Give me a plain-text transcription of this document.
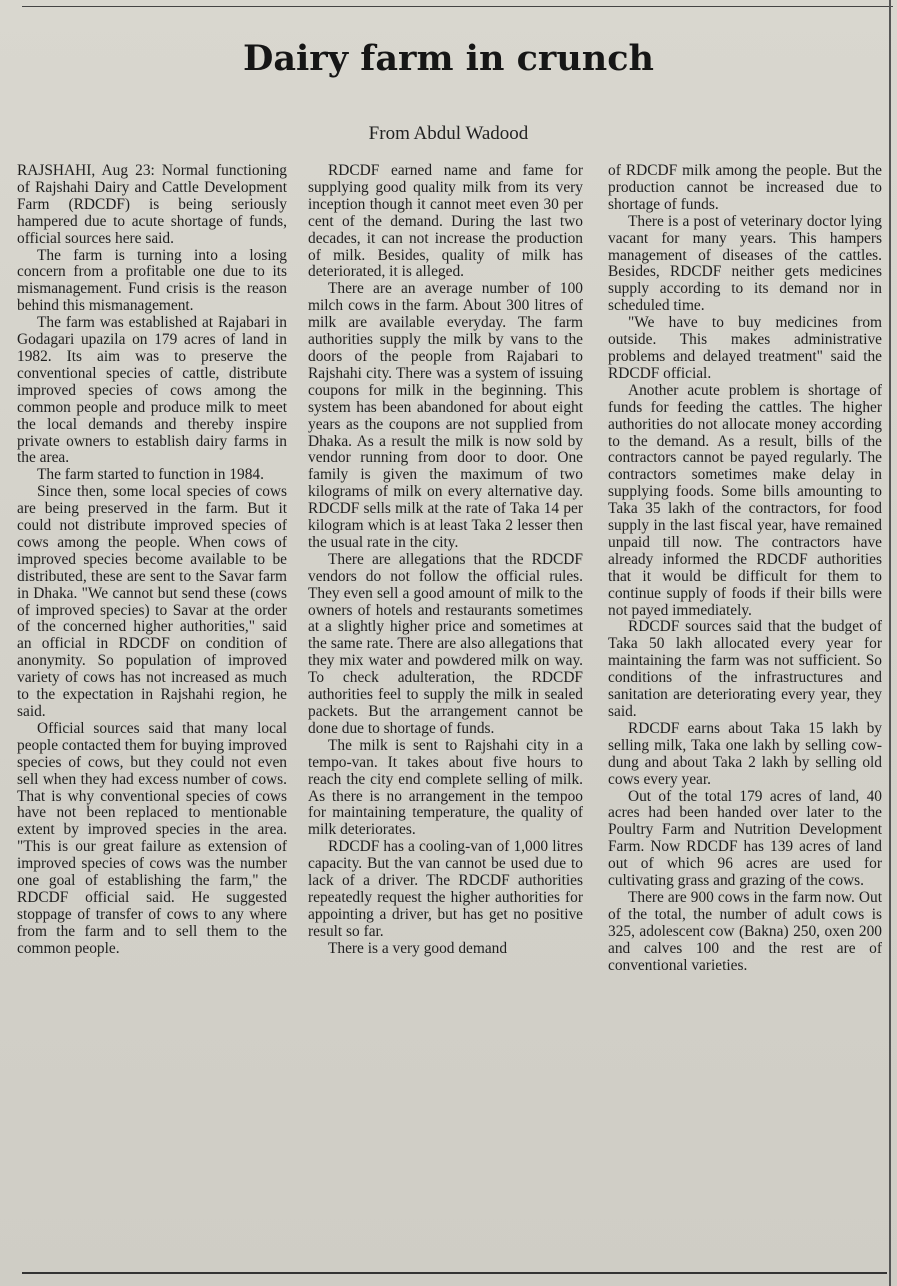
Dairy farm in crunch
From Abdul Wadood

RAJSHAHI, Aug 23: Normal functioning of Rajshahi Dairy and Cattle Development Farm (RDCDF) is being seriously hampered due to acute shortage of funds, official sources here said.

The farm is turning into a losing concern from a profitable one due to its mismanagement. Fund crisis is the reason behind this mismanagement.

The farm was established at Rajabari in Godagari upazila on 179 acres of land in 1982. Its aim was to preserve the conventional species of cattle, distribute improved species of cows among the common people and produce milk to meet the local demands and thereby inspire private owners to establish dairy farms in the area.

The farm started to function in 1984.

Since then, some local species of cows are being preserved in the farm. But it could not distribute improved species of cows among the people. When cows of improved species become available to be distributed, these are sent to the Savar farm in Dhaka. "We cannot but send these (cows of improved species) to Savar at the order of the concerned higher authorities," said an official in RDCDF on condition of anonymity. So population of improved variety of cows has not increased as much to the expectation in Rajshahi region, he said.

Official sources said that many local people contacted them for buying improved species of cows, but they could not even sell when they had excess number of cows. That is why conventional species of cows have not been replaced to mentionable extent by improved species in the area. "This is our great failure as extension of improved species of cows was the number one goal of establishing the farm," the RDCDF official said. He suggested stoppage of transfer of cows to any where from the farm and to sell them to the common people.

RDCDF earned name and fame for supplying good quality milk from its very inception though it cannot meet even 30 per cent of the demand. During the last two decades, it can not increase the production of milk. Besides, quality of milk has deteriorated, it is alleged.

There are an average number of 100 milch cows in the farm. About 300 litres of milk are available everyday. The farm authorities supply the milk by vans to the doors of the people from Rajabari to Rajshahi city. There was a system of issuing coupons for milk in the beginning. This system has been abandoned for about eight years as the coupons are not supplied from Dhaka. As a result the milk is now sold by vendor running from door to door. One family is given the maximum of two kilograms of milk on every alternative day. RDCDF sells milk at the rate of Taka 14 per kilogram which is at least Taka 2 lesser then the usual rate in the city.

There are allegations that the RDCDF vendors do not follow the official rules. They even sell a good amount of milk to the owners of hotels and restaurants sometimes at a slightly higher price and sometimes at the same rate. There are also allegations that they mix water and powdered milk on way. To check adulteration, the RDCDF authorities feel to supply the milk in sealed packets. But the arrangement cannot be done due to shortage of funds.

The milk is sent to Rajshahi city in a tempo-van. It takes about five hours to reach the city end complete selling of milk. As there is no arrangement in the tempoo for maintaining temperature, the quality of milk deteriorates.

RDCDF has a cooling-van of 1,000 litres capacity. But the van cannot be used due to lack of a driver. The RDCDF authorities repeatedly request the higher authorities for appointing a driver, but has get no positive result so far.

There is a very good demand

of RDCDF milk among the people. But the production cannot be increased due to shortage of funds.

There is a post of veterinary doctor lying vacant for many years. This hampers management of diseases of the cattles. Besides, RDCDF neither gets medicines supply according to its demand nor in scheduled time.

"We have to buy medicines from outside. This makes administrative problems and delayed treatment" said the RDCDF official.

Another acute problem is shortage of funds for feeding the cattles. The higher authorities do not allocate money according to the demand. As a result, bills of the contractors cannot be payed regularly. The contractors sometimes make delay in supplying foods. Some bills amounting to Taka 35 lakh of the contractors, for food supply in the last fiscal year, have remained unpaid till now. The contractors have already informed the RDCDF authorities that it would be difficult for them to continue supply of foods if their bills were not payed immediately.

RDCDF sources said that the budget of Taka 50 lakh allocated every year for maintaining the farm was not sufficient. So conditions of the infrastructures and sanitation are deteriorating every year, they said.

RDCDF earns about Taka 15 lakh by selling milk, Taka one lakh by selling cow-dung and about Taka 2 lakh by selling old cows every year.

Out of the total 179 acres of land, 40 acres had been handed over later to the Poultry Farm and Nutrition Development Farm. Now RDCDF has 139 acres of land out of which 96 acres are used for cultivating grass and grazing of the cows.

There are 900 cows in the farm now. Out of the total, the number of adult cows is 325, adolescent cow (Bakna) 250, oxen 200 and calves 100 and the rest are of conventional varieties.
